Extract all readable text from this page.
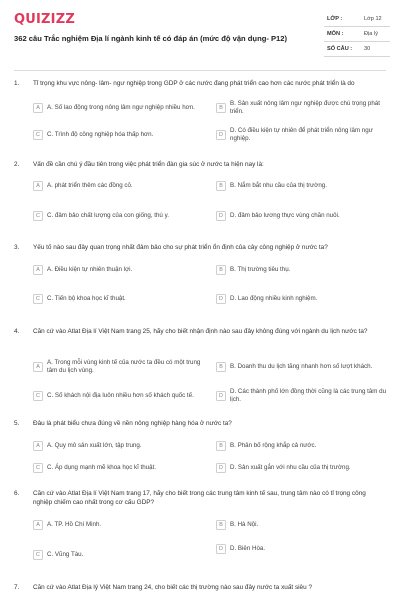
QUIZIZZ
362 câu Trắc nghiệm Địa lí ngành kinh tế có đáp án (mức độ vận dụng- P12)
LỚP :	Lớp 12
MÔN :	Địa lý
SỐ CÂU : 30
1. Tỉ trọng khu vực nông- lâm- ngư nghiệp trong GDP ở các nước đang phát triển cao hơn các nước phát triển là do
A	A. Số lao động trong nông lâm ngư nghiệp nhiều hơn.	B
B. Sản xuất nông lâm ngư nghiệp được chú trọng phát triển.
C	C. Trình độ công nghiệp hóa thấp hơn.	D
D. Có điều kiện tự nhiên để phát triển nông lâm ngư nghiệp.
2. Vấn đề cần chú ý đầu tiên trong việc phát triển đàn gia súc ở nước ta hiện nay là:
A	A. phát triển thêm các đồng cỏ.	B	B. Nắm bắt nhu cầu của thị trường.
C	C. đảm bảo chất lượng của con giống, thú y.	D	D. đảm bảo lương thực vùng chăn nuôi.
3. Yếu tố nào sau đây quan trọng nhất đảm bảo cho sự phát triển ổn định của cây công nghiệp ở nước ta?
A	A. Điều kiện tự nhiên thuận lợi.	B	B. Thị trường tiêu thụ.
C	C. Tiến bộ khoa học kĩ thuật.	D	D. Lao động nhiều kinh nghiệm.
4. Căn cứ vào Atlat Địa lí Việt Nam trang 25, hãy cho biết nhận định nào sau đây không đúng với ngành du lịch nước ta?
A
A. Trong mỗi vùng kinh tế của nước ta đều có một trung tâm du lịch vùng.	B	B. Doanh thu du lịch tăng nhanh hơn số lượt khách.
C	C. Số khách nội địa luôn nhiều hơn số khách quốc tế.	D
D. Các thành phố lớn đồng thời cũng là các trung tâm du lịch.
5. Đâu là phát biểu chưa đúng về nền nông nghiệp hàng hóa ở nước ta?
A	A. Quy mô sản xuất lớn, tập trung.	B	B. Phân bố rộng khắp cả nước.
C	C. Áp dụng mạnh mẽ khoa học kĩ thuật.	D	D. Sản xuất gắn với nhu cầu của thị trường.
6. Căn cứ vào Atlat Địa lí Việt Nam trang 17, hãy cho biết trong các trung tâm kinh tế sau, trung tâm nào có tỉ trọng công nghiệp chiếm cao nhất trong cơ cấu GDP?
A	A. TP. Hồ Chí Minh.	B	B. Hà Nội.
C	C. Vũng Tàu.
D	D. Biên Hòa.
7. Căn cứ vào Atlat Địa lý Việt Nam trang 24, cho biết các thị trường nào sau đây nước ta xuất siêu ?
